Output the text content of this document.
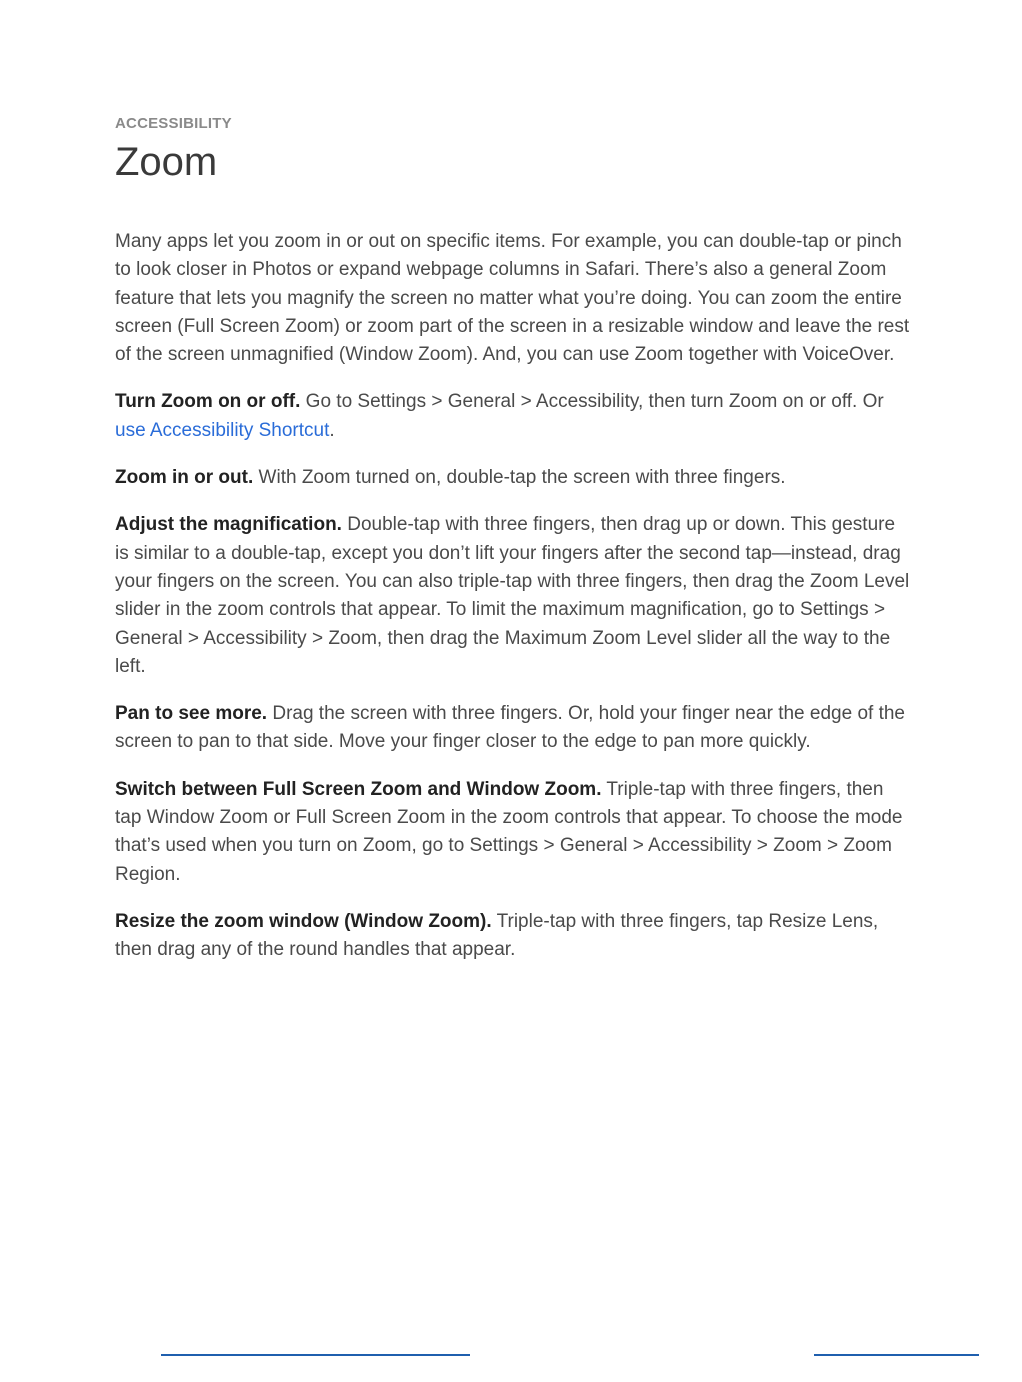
ACCESSIBILITY

Zoom

Many apps let you zoom in or out on specific items. For example, you can double-tap or pinch to look closer in Photos or expand webpage columns in Safari. There’s also a general Zoom feature that lets you magnify the screen no matter what you’re doing. You can zoom the entire screen (Full Screen Zoom) or zoom part of the screen in a resizable window and leave the rest of the screen unmagnified (Window Zoom). And, you can use Zoom together with VoiceOver.

Turn Zoom on or off. Go to Settings > General > Accessibility, then turn Zoom on or off. Or use Accessibility Shortcut.

Zoom in or out. With Zoom turned on, double-tap the screen with three fingers.

Adjust the magnification. Double-tap with three fingers, then drag up or down. This gesture is similar to a double-tap, except you don’t lift your fingers after the second tap—instead, drag your fingers on the screen. You can also triple-tap with three fingers, then drag the Zoom Level slider in the zoom controls that appear. To limit the maximum magnification, go to Settings > General > Accessibility > Zoom, then drag the Maximum Zoom Level slider all the way to the left.

Pan to see more. Drag the screen with three fingers. Or, hold your finger near the edge of the screen to pan to that side. Move your finger closer to the edge to pan more quickly.

Switch between Full Screen Zoom and Window Zoom. Triple-tap with three fingers, then tap Window Zoom or Full Screen Zoom in the zoom controls that appear. To choose the mode that’s used when you turn on Zoom, go to Settings > General > Accessibility > Zoom > Zoom Region.

Resize the zoom window (Window Zoom). Triple-tap with three fingers, tap Resize Lens, then drag any of the round handles that appear.
